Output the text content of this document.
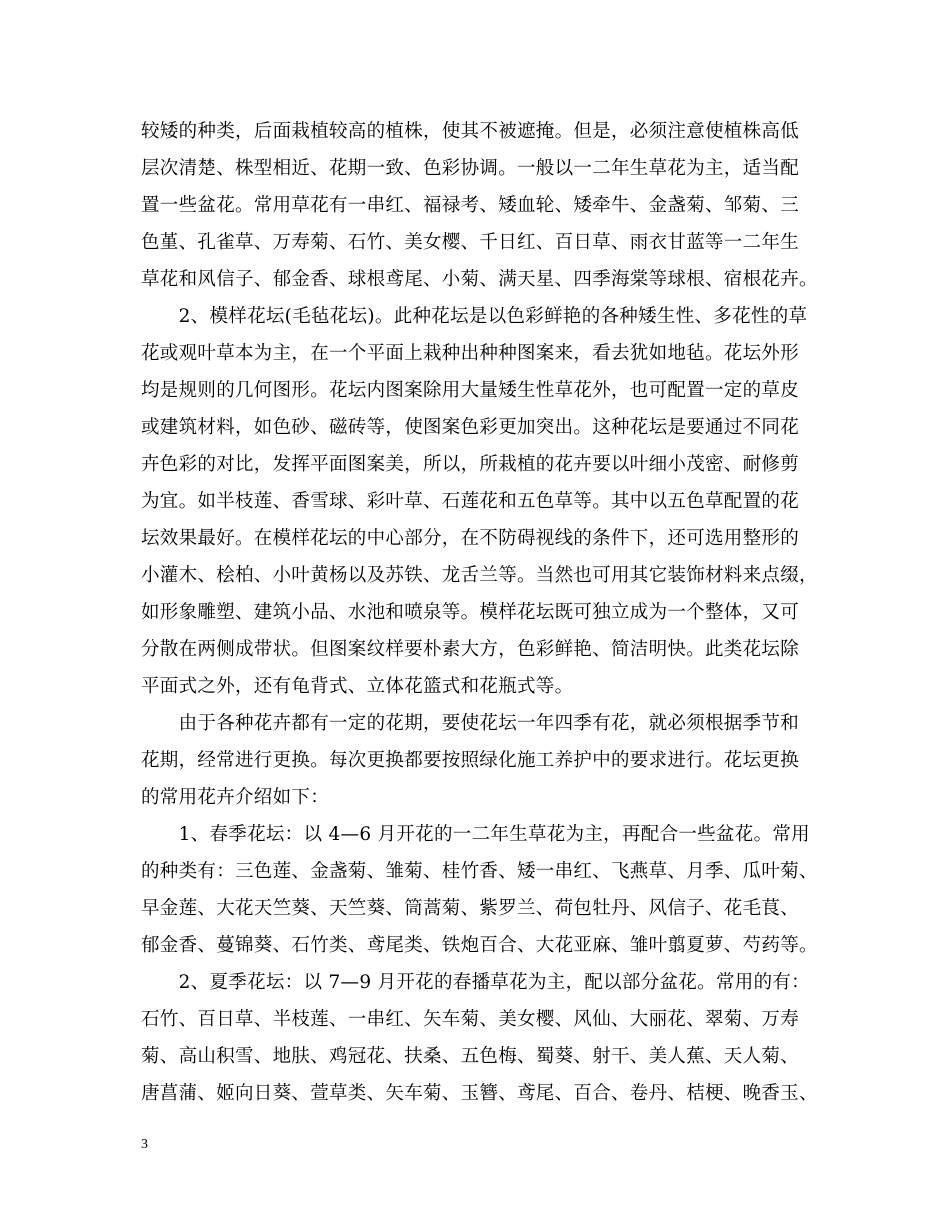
较矮的种类，后面栽植较高的植株，使其不被遮掩。但是，必须注意使植株高低
层次清楚、株型相近、花期一致、色彩协调。一般以一二年生草花为主，适当配
置一些盆花。常用草花有一串红、福禄考、矮血轮、矮牵牛、金盏菊、邹菊、三
色堇、孔雀草、万寿菊、石竹、美女樱、千日红、百日草、雨衣甘蓝等一二年生
草花和风信子、郁金香、球根鸢尾、小菊、满天星、四季海棠等球根、宿根花卉。

　　2、模样花坛(毛毡花坛)。此种花坛是以色彩鲜艳的各种矮生性、多花性的草
花或观叶草本为主，在一个平面上栽种出种种图案来，看去犹如地毡。花坛外形
均是规则的几何图形。花坛内图案除用大量矮生性草花外，也可配置一定的草皮
或建筑材料，如色砂、磁砖等，使图案色彩更加突出。这种花坛是要通过不同花
卉色彩的对比，发挥平面图案美，所以，所栽植的花卉要以叶细小茂密、耐修剪
为宜。如半枝莲、香雪球、彩叶草、石莲花和五色草等。其中以五色草配置的花
坛效果最好。在模样花坛的中心部分，在不防碍视线的条件下，还可选用整形的
小灌木、桧柏、小叶黄杨以及苏铁、龙舌兰等。当然也可用其它装饰材料来点缀，
如形象雕塑、建筑小品、水池和喷泉等。模样花坛既可独立成为一个整体，又可
分散在两侧成带状。但图案纹样要朴素大方，色彩鲜艳、简洁明快。此类花坛除
平面式之外，还有龟背式、立体花篮式和花瓶式等。

　　由于各种花卉都有一定的花期，要使花坛一年四季有花，就必须根据季节和
花期，经常进行更换。每次更换都要按照绿化施工养护中的要求进行。花坛更换
的常用花卉介绍如下：

　　1、春季花坛：以 4—6 月开花的一二年生草花为主，再配合一些盆花。常用
的种类有：三色莲、金盏菊、雏菊、桂竹香、矮一串红、飞燕草、月季、瓜叶菊、
早金莲、大花天竺葵、天竺葵、筒蒿菊、紫罗兰、荷包牡丹、风信子、花毛茛、
郁金香、蔓锦葵、石竹类、鸢尾类、铁炮百合、大花亚麻、雏叶翦夏萝、芍药等。

　　2、夏季花坛：以 7—9 月开花的春播草花为主，配以部分盆花。常用的有：
石竹、百日草、半枝莲、一串红、矢车菊、美女樱、风仙、大丽花、翠菊、万寿
菊、高山积雪、地肤、鸡冠花、扶桑、五色梅、蜀葵、射干、美人蕉、天人菊、
唐菖蒲、姬向日葵、萱草类、矢车菊、玉簪、鸢尾、百合、卷丹、桔梗、晚香玉、

3
